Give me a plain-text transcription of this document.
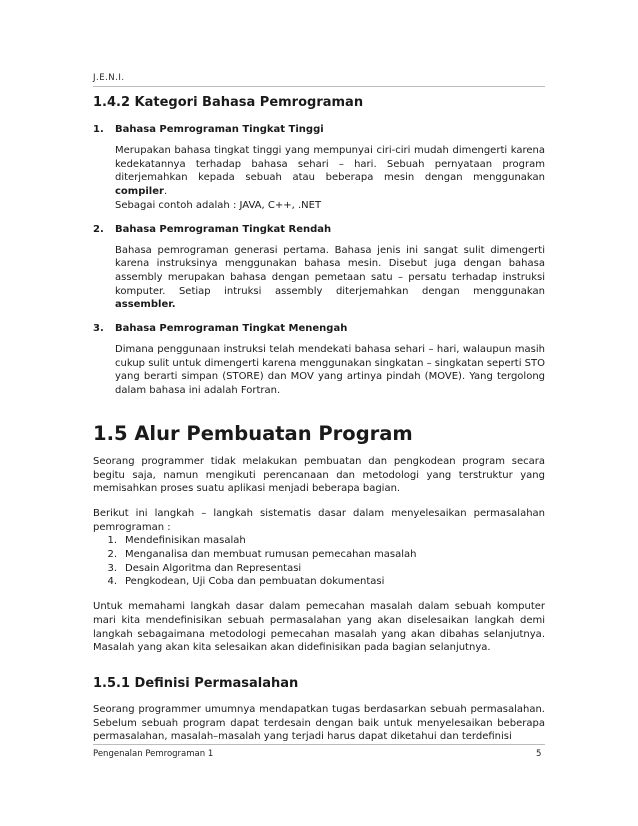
J.E.N.I.
1.4.2 Kategori Bahasa Pemrograman
1.	Bahasa Pemrograman Tingkat Tinggi

Merupakan bahasa tingkat tinggi yang mempunyai ciri-ciri mudah dimengerti karena kedekatannya terhadap bahasa sehari – hari. Sebuah pernyataan program diterjemahkan kepada sebuah atau beberapa mesin dengan menggunakan compiler.

Sebagai contoh adalah : JAVA, C++, .NET

2.	Bahasa Pemrograman Tingkat Rendah

Bahasa pemrograman generasi pertama. Bahasa jenis ini sangat sulit dimengerti karena instruksinya menggunakan bahasa mesin. Disebut juga dengan bahasa assembly merupakan bahasa dengan pemetaan satu – persatu terhadap instruksi komputer. Setiap intruksi assembly diterjemahkan dengan menggunakan assembler.

3.	Bahasa Pemrograman Tingkat Menengah

Dimana penggunaan instruksi telah mendekati bahasa sehari – hari, walaupun masih cukup sulit untuk dimengerti karena menggunakan singkatan – singkatan seperti STO yang berarti simpan (STORE) dan MOV yang artinya pindah (MOVE). Yang tergolong dalam bahasa ini adalah Fortran.

1.5 Alur Pembuatan Program

Seorang programmer tidak melakukan pembuatan dan pengkodean program secara begitu saja, namun mengikuti perencanaan dan metodologi yang terstruktur yang memisahkan proses suatu aplikasi menjadi beberapa bagian.

Berikut ini langkah – langkah sistematis dasar dalam menyelesaikan permasalahan pemrograman :

1. Mendefinisikan masalah
2. Menganalisa dan membuat rumusan pemecahan masalah
3. Desain Algoritma dan Representasi
4. Pengkodean, Uji Coba dan pembuatan dokumentasi

Untuk memahami langkah dasar dalam pemecahan masalah dalam sebuah komputer mari kita mendefinisikan sebuah permasalahan yang akan diselesaikan langkah demi langkah sebagaimana metodologi pemecahan masalah yang akan dibahas selanjutnya. Masalah yang akan kita selesaikan akan didefinisikan pada bagian selanjutnya.

1.5.1 Definisi Permasalahan

Seorang programmer umumnya mendapatkan tugas berdasarkan sebuah permasalahan. Sebelum sebuah program dapat terdesain dengan baik untuk menyelesaikan beberapa permasalahan, masalah–masalah yang terjadi harus dapat diketahui dan terdefinisi

Pengenalan Pemrograman 1	5
